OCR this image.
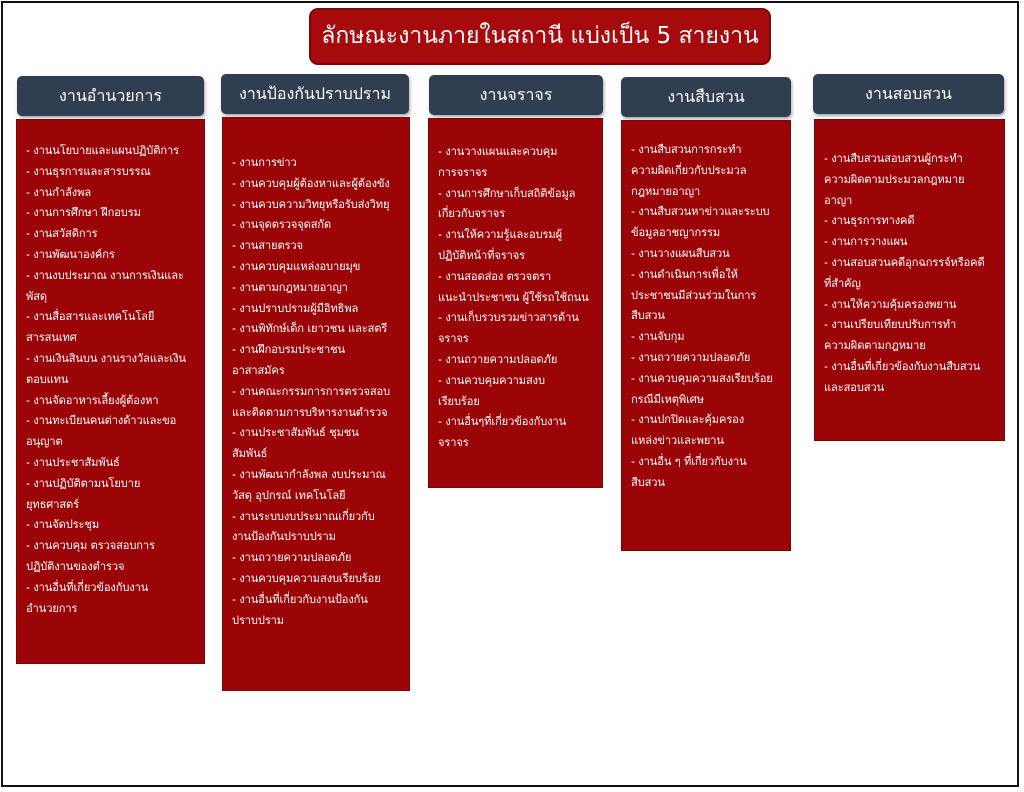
ลักษณะงานภายในสถานี แบ่งเป็น 5 สายงาน
งานอำนวยการ
- งานนโยบายและแผนปฏิบัติการ
- งานธุรการและสารบรรณ
- งานกำลังพล
- งานการศึกษา ฝึกอบรม
- งานสวัสดิการ
- งานพัฒนาองค์กร
- งานงบประมาณ งานการเงินและ
พัสดุ
- งานสื่อสารและเทคโนโลยี
สารสนเทศ
- งานเงินสินบน งานรางวัลและเงิน
ตอบแทน
- งานจัดอาหารเลี้ยงผู้ต้องหา
- งานทะเบียนคนต่างด้าวและขอ
อนุญาต
- งานประชาสัมพันธ์
- งานปฏิบัติตามนโยบาย
ยุทธศาสตร์
- งานจัดประชุม
- งานควบคุม ตรวจสอบการ
ปฏิบัติงานของตำรวจ
- งานอื่นที่เกี่ยวข้องกับงาน
อำนวยการ
งานป้องกันปราบปราม
- งานการข่าว
- งานควบคุมผู้ต้องหาและผู้ต้องขัง
- งานควบความวิทยุหรือรับส่งวิทยุ
- งานจุดตรวจจุดสกัด
- งานสายตรวจ
- งานควบคุมแหล่งอบายมุข
- งานตามกฎหมายอาญา
- งานปราบปรามผู้มีอิทธิพล
- งานพิทักษ์เด็ก เยาวชน และสตรี
- งานฝึกอบรมประชาชน
อาสาสมัคร
- งานคณะกรรมการการตรวจสอบ
และติดตามการบริหารงานตำรวจ
- งานประชาสัมพันธ์ ชุมชน
สัมพันธ์
- งานพัฒนากำลังพล งบประมาณ
วัสดุ อุปกรณ์ เทคโนโลยี
- งานระบบงบประมาณเกี่ยวกับ
งานป้องกันปราบปราม
- งานถวายความปลอดภัย
- งานควบคุมความสงบเรียบร้อย
- งานอื่นที่เกี่ยวกับงานป้องกัน
ปราบปราม
งานจราจร
- งานวางแผนและควบคุม
การจราจร
- งานการศึกษาเก็บสถิติข้อมูล
เกี่ยวกับจราจร
- งานให้ความรู้และอบรมผู้
ปฏิบัติหน้าที่จราจร
- งานสอดส่อง ตรวจตรา
แนะนำประชาชน ผู้ใช้รถใช้ถนน
- งานเก็บรวบรวมข่าวสารด้าน
จราจร
- งานถวายความปลอดภัย
- งานควบคุมความสงบ
เรียบร้อย
- งานอื่นๆที่เกี่ยวข้องกับงาน
จราจร
งานสืบสวน
- งานสืบสวนการกระทำ
ความผิดเกี่ยวกับประมวล
กฎหมายอาญา
- งานสืบสวนหาข่าวและระบบ
ข้อมูลอาชญากรรม
- งานวางแผนสืบสวน
- งานดำเนินการเพื่อให้
ประชาชนมีส่วนร่วมในการ
สืบสวน
- งานจับกุม
- งานถวายความปลอดภัย
- งานควบคุมความสงเรียบร้อย
กรณีมีเหตุพิเศษ
- งานปกปิดและคุ้มครอง
แหล่งข่าวและพยาน
- งานอื่น ๆ ที่เกี่ยวกับงาน
สืบสวน
งานสอบสวน
- งานสืบสวนสอบสวนผู้กระทำ
ความผิดตามประมวลกฎหมาย
อาญา
- งานธุรการทางคดี
- งานการวางแผน
- งานสอบสวนคดีอุกฉกรรจ์หรือคดี
ที่สำคัญ
- งานให้ความคุ้มครองพยาน
- งานเปรียบเทียบปรับการทำ
ความผิดตามกฎหมาย
- งานอื่นที่เกี่ยวข้องกับงานสืบสวน
และสอบสวน
